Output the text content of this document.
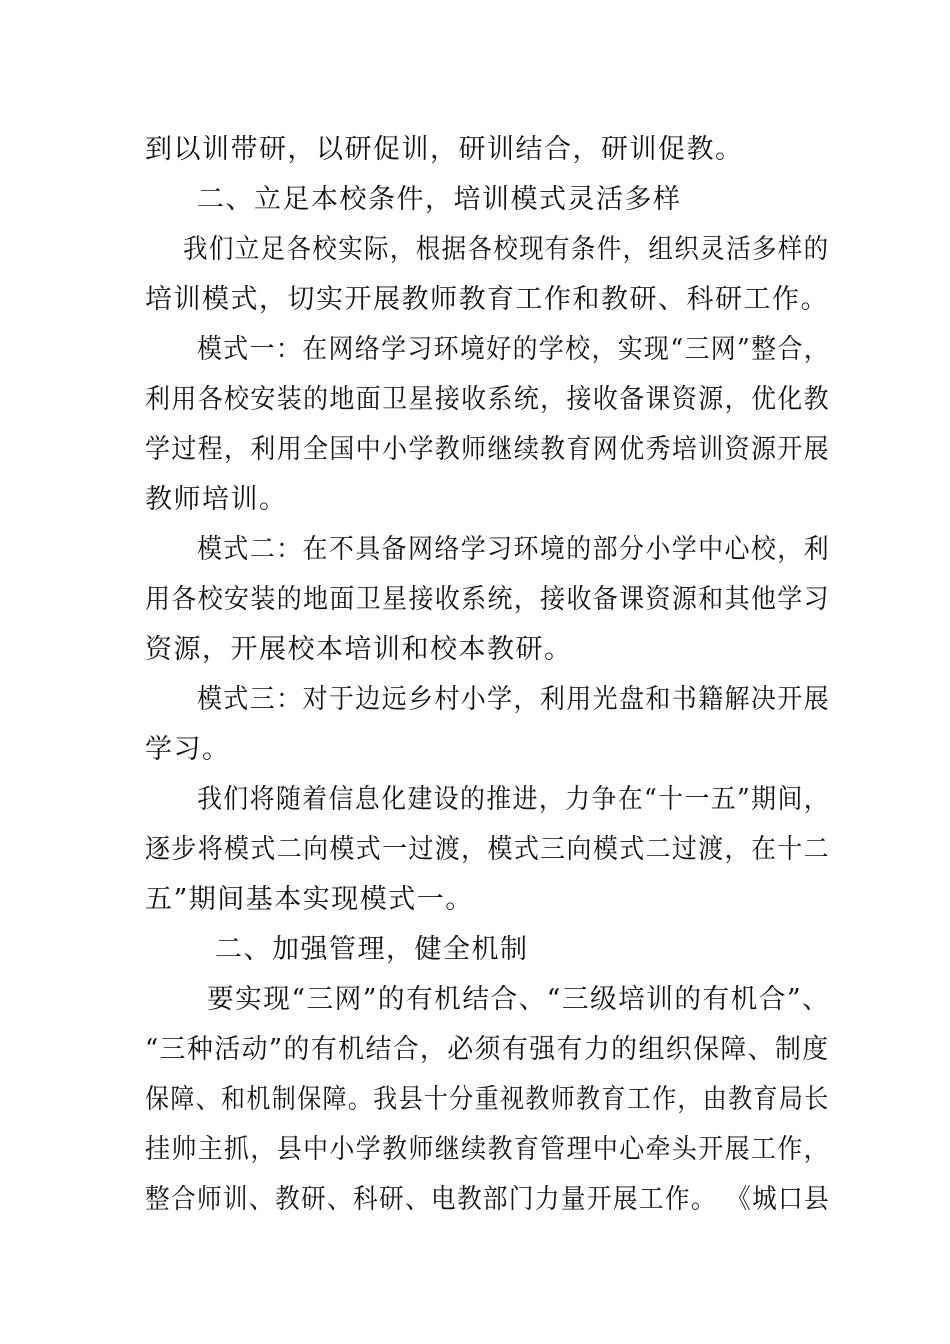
到以训带研，以研促训，研训结合，研训促教。
二、立足本校条件，培训模式灵活多样
我们立足各校实际，根据各校现有条件，组织灵活多样的
培训模式，切实开展教师教育工作和教研、科研工作。
模式一：在网络学习环境好的学校，实现“三网”整合，
利用各校安装的地面卫星接收系统，接收备课资源，优化教
学过程，利用全国中小学教师继续教育网优秀培训资源开展
教师培训。
模式二：在不具备网络学习环境的部分小学中心校，利
用各校安装的地面卫星接收系统，接收备课资源和其他学习
资源，开展校本培训和校本教研。
模式三：对于边远乡村小学，利用光盘和书籍解决开展
学习。
我们将随着信息化建设的推进，力争在“十一五”期间，
逐步将模式二向模式一过渡，模式三向模式二过渡，在十二
五”期间基本实现模式一。
二、加强管理，健全机制
要实现“三网”的有机结合、“三级培训的有机合”、
“三种活动”的有机结合，必须有强有力的组织保障、制度
保障、和机制保障。我县十分重视教师教育工作，由教育局长
挂帅主抓，县中小学教师继续教育管理中心牵头开展工作，
整合师训、教研、科研、电教部门力量开展工作。 《城口县
